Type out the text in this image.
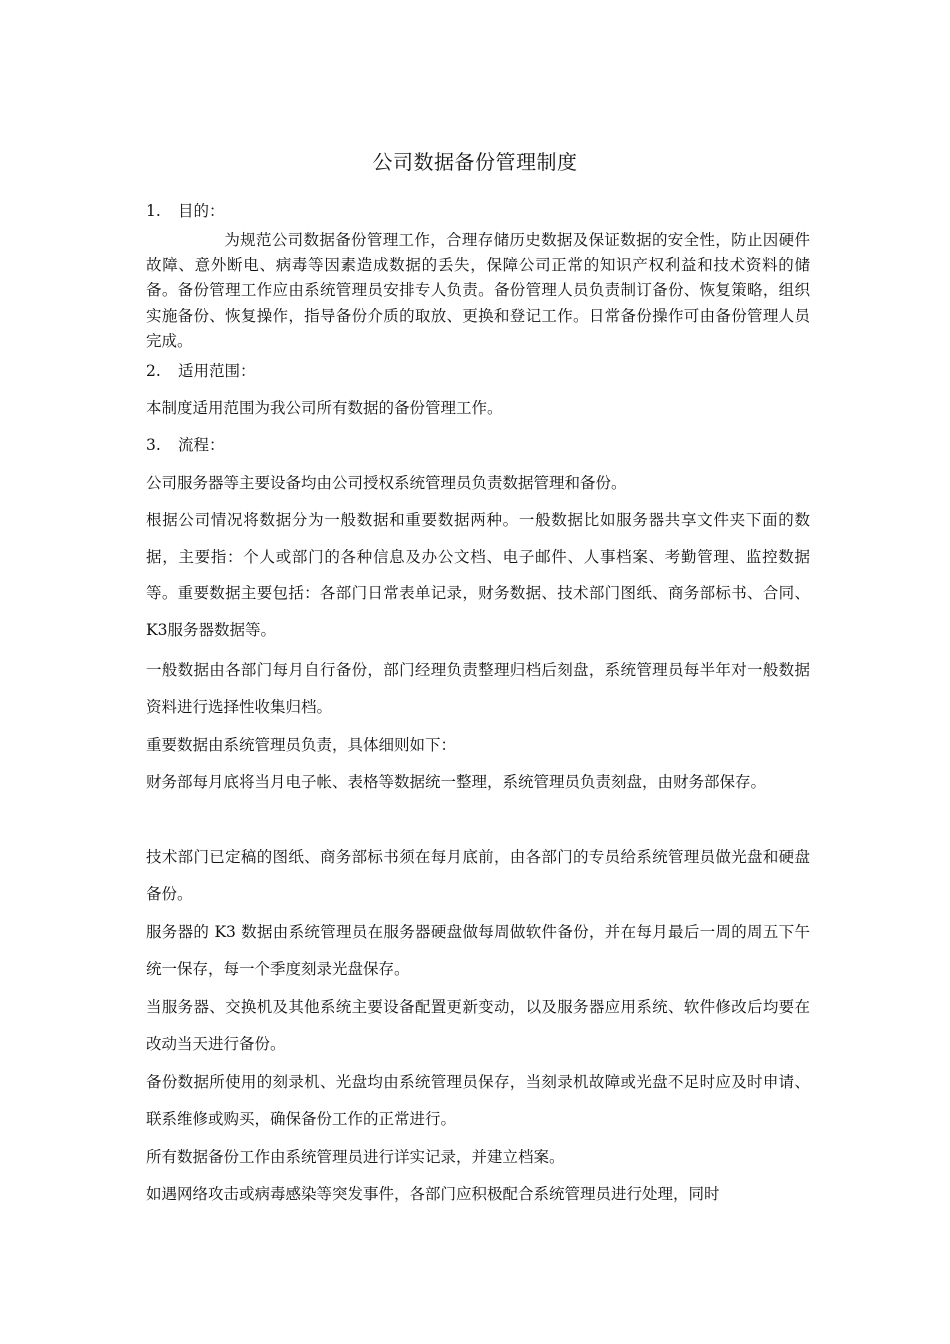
公司数据备份管理制度
1. 目的：
为规范公司数据备份管理工作，合理存储历史数据及保证数据的安全性，防止因硬件故障、意外断电、病毒等因素造成数据的丢失，保障公司正常的知识产权利益和技术资料的储备。备份管理工作应由系统管理员安排专人负责。备份管理人员负责制订备份、恢复策略，组织实施备份、恢复操作，指导备份介质的取放、更换和登记工作。日常备份操作可由备份管理人员完成。
2. 适用范围：
本制度适用范围为我公司所有数据的备份管理工作。
3. 流程：
公司服务器等主要设备均由公司授权系统管理员负责数据管理和备份。
根据公司情况将数据分为一般数据和重要数据两种。一般数据比如服务器共享文件夹下面的数据，主要指：个人或部门的各种信息及办公文档、电子邮件、人事档案、考勤管理、监控数据等。重要数据主要包括：各部门日常表单记录，财务数据、技术部门图纸、商务部标书、合同、K3服务器数据等。
一般数据由各部门每月自行备份，部门经理负责整理归档后刻盘，系统管理员每半年对一般数据资料进行选择性收集归档。
重要数据由系统管理员负责，具体细则如下：
财务部每月底将当月电子帐、表格等数据统一整理，系统管理员负责刻盘，由财务部保存。
技术部门已定稿的图纸、商务部标书须在每月底前，由各部门的专员给系统管理员做光盘和硬盘备份。
服务器的 K3 数据由系统管理员在服务器硬盘做每周做软件备份，并在每月最后一周的周五下午统一保存，每一个季度刻录光盘保存。
当服务器、交换机及其他系统主要设备配置更新变动，以及服务器应用系统、软件修改后均要在改动当天进行备份。
备份数据所使用的刻录机、光盘均由系统管理员保存，当刻录机故障或光盘不足时应及时申请、联系维修或购买，确保备份工作的正常进行。
所有数据备份工作由系统管理员进行详实记录，并建立档案。
如遇网络攻击或病毒感染等突发事件，各部门应积极配合系统管理员进行处理，同时
